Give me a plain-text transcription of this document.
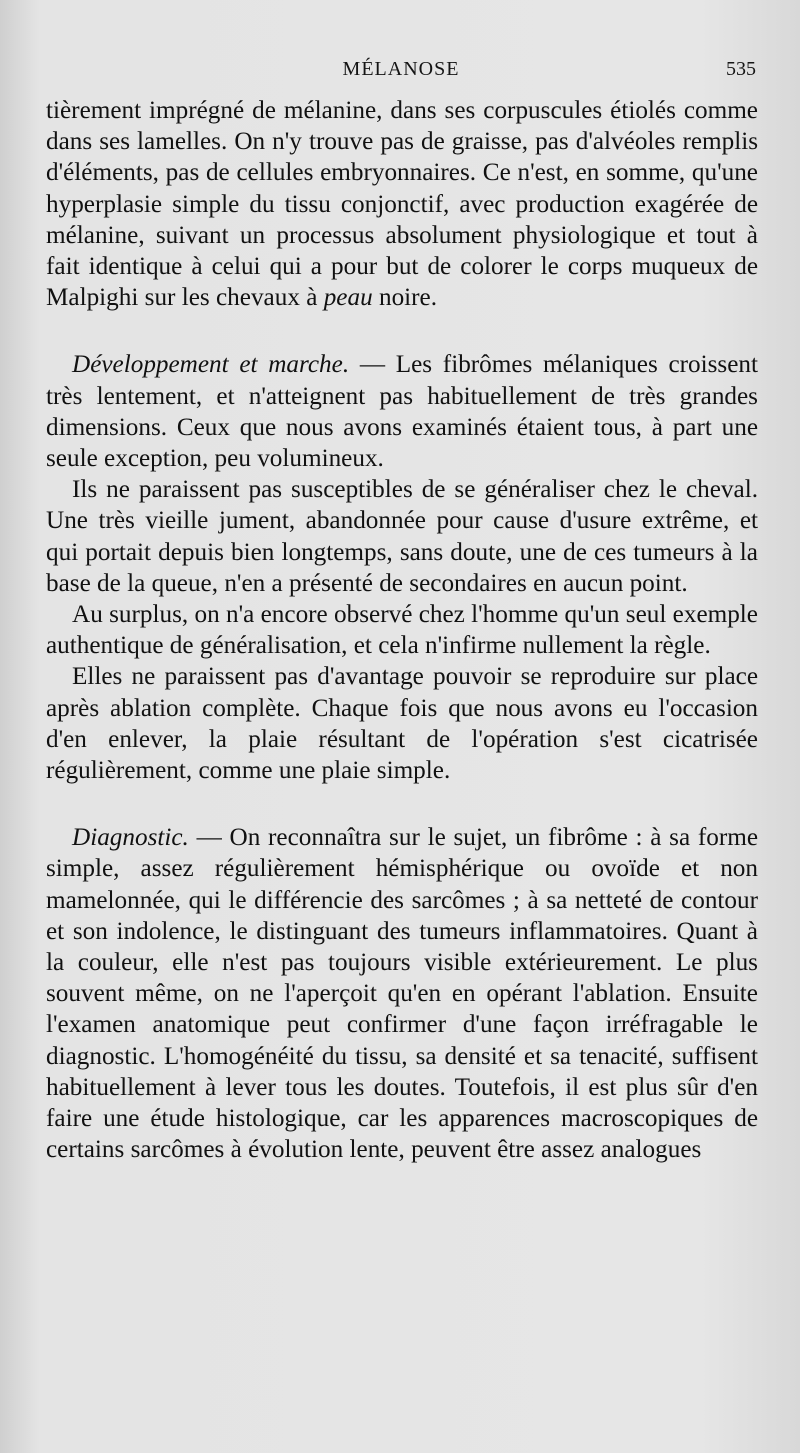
MÉLANOSE	535

tièrement imprégné de mélanine, dans ses corpuscules étiolés comme dans ses lamelles. On n'y trouve pas de graisse, pas d'alvéoles remplis d'éléments, pas de cellules embryonnaires. Ce n'est, en somme, qu'une hyperplasie simple du tissu conjonctif, avec production exagérée de mélanine, suivant un processus absolument physiologique et tout à fait identique à celui qui a pour but de colorer le corps muqueux de Malpighi sur les chevaux à peau noire.

Développement et marche. — Les fibrômes mélaniques croissent très lentement, et n'atteignent pas habituellement de très grandes dimensions. Ceux que nous avons examinés étaient tous, à part une seule exception, peu volumineux.

Ils ne paraissent pas susceptibles de se généraliser chez le cheval. Une très vieille jument, abandonnée pour cause d'usure extrême, et qui portait depuis bien longtemps, sans doute, une de ces tumeurs à la base de la queue, n'en a présenté de secondaires en aucun point.

Au surplus, on n'a encore observé chez l'homme qu'un seul exemple authentique de généralisation, et cela n'infirme nullement la règle.

Elles ne paraissent pas d'avantage pouvoir se reproduire sur place après ablation complète. Chaque fois que nous avons eu l'occasion d'en enlever, la plaie résultant de l'opération s'est cicatrisée régulièrement, comme une plaie simple.

Diagnostic. — On reconnaîtra sur le sujet, un fibrôme : à sa forme simple, assez régulièrement hémisphérique ou ovoïde et non mamelonnée, qui le différencie des sarcômes ; à sa netteté de contour et son indolence, le distinguant des tumeurs inflammatoires. Quant à la couleur, elle n'est pas toujours visible extérieurement. Le plus souvent même, on ne l'aperçoit qu'en en opérant l'ablation. Ensuite l'examen anatomique peut confirmer d'une façon irréfragable le diagnostic. L'homogénéité du tissu, sa densité et sa tenacité, suffisent habituellement à lever tous les doutes. Toutefois, il est plus sûr d'en faire une étude histologique, car les apparences macroscopiques de certains sarcômes à évolution lente, peuvent être assez analogues
